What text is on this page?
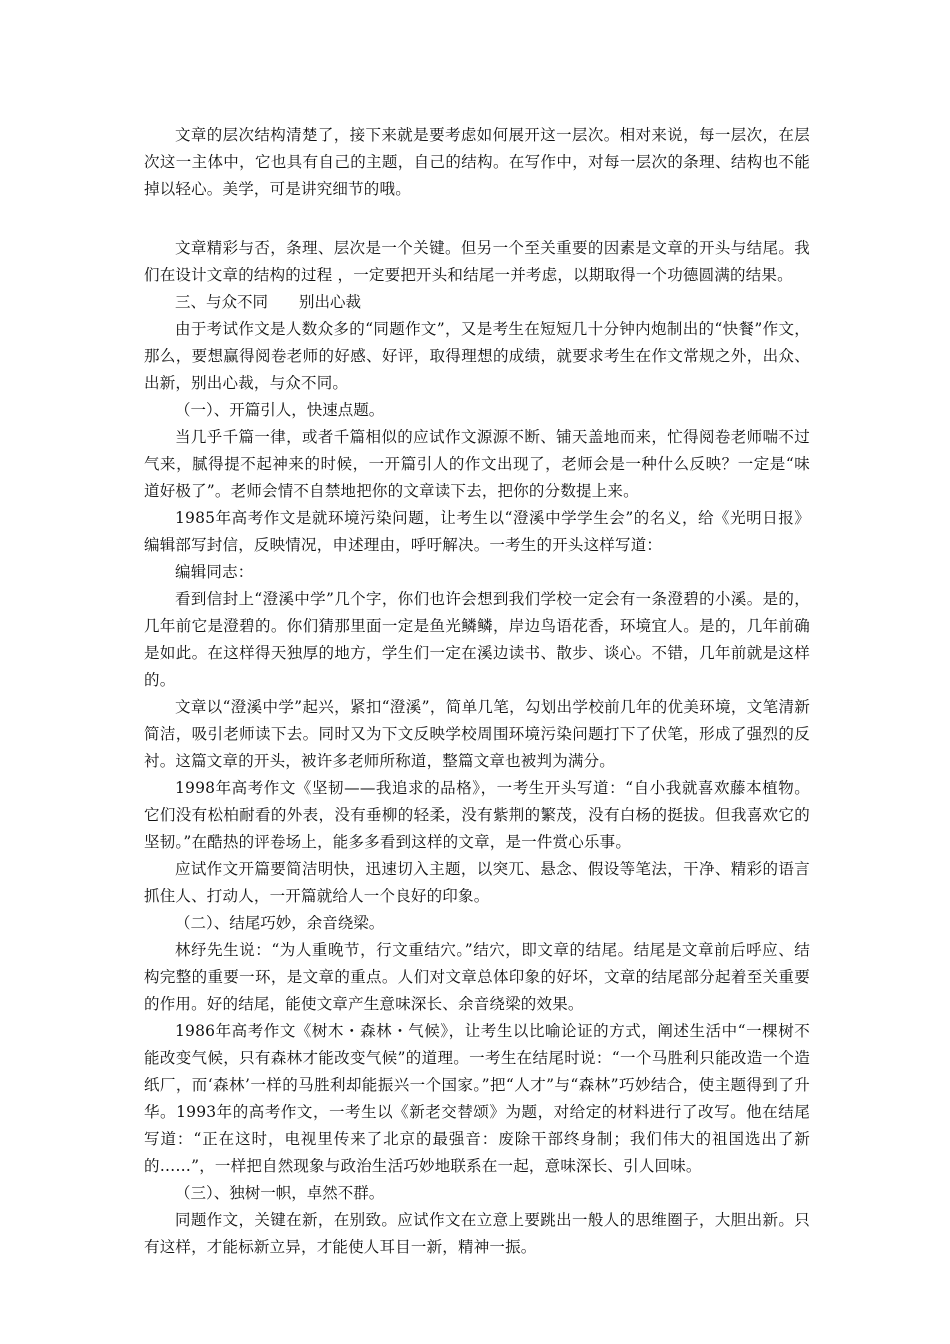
文章的层次结构清楚了，接下来就是要考虑如何展开这一层次。相对来说，每一层次，在层次这一主体中，它也具有自己的主题，自己的结构。在写作中，对每一层次的条理、结构也不能掉以轻心。美学，可是讲究细节的哦。

文章精彩与否，条理、层次是一个关键。但另一个至关重要的因素是文章的开头与结尾。我们在设计文章的结构的过程 ，一定要把开头和结尾一并考虑，以期取得一个功德圆满的结果。

三、与众不同　　别出心裁

由于考试作文是人数众多的“同题作文”，又是考生在短短几十分钟内炮制出的“快餐”作文，那么，要想赢得阅卷老师的好感、好评，取得理想的成绩，就要求考生在作文常规之外，出众、出新，别出心裁，与众不同。

（一）、开篇引人，快速点题。

当几乎千篇一律，或者千篇相似的应试作文源源不断、铺天盖地而来，忙得阅卷老师喘不过气来，腻得提不起神来的时候，一开篇引人的作文出现了，老师会是一种什么反映？一定是“味道好极了”。老师会情不自禁地把你的文章读下去，把你的分数提上来。

1985年高考作文是就环境污染问题，让考生以“澄溪中学学生会”的名义，给《光明日报》编辑部写封信，反映情况，申述理由，呼吁解决。一考生的开头这样写道：

编辑同志：

看到信封上“澄溪中学”几个字，你们也许会想到我们学校一定会有一条澄碧的小溪。是的，几年前它是澄碧的。你们猜那里面一定是鱼光鳞鳞，岸边鸟语花香，环境宜人。是的，几年前确是如此。在这样得天独厚的地方，学生们一定在溪边读书、散步、谈心。不错，几年前就是这样的。

文章以“澄溪中学”起兴，紧扣“澄溪”，简单几笔，勾划出学校前几年的优美环境，文笔清新简洁，吸引老师读下去。同时又为下文反映学校周围环境污染问题打下了伏笔，形成了强烈的反衬。这篇文章的开头，被许多老师所称道，整篇文章也被判为满分。

1998年高考作文《坚韧——我追求的品格》，一考生开头写道：“自小我就喜欢藤本植物。它们没有松柏耐看的外表，没有垂柳的轻柔，没有紫荆的繁茂，没有白杨的挺拔。但我喜欢它的坚韧。”在酷热的评卷场上，能多多看到这样的文章，是一件赏心乐事。

应试作文开篇要简洁明快，迅速切入主题，以突兀、悬念、假设等笔法，干净、精彩的语言抓住人、打动人，一开篇就给人一个良好的印象。

（二）、结尾巧妙，余音绕梁。

林纾先生说：“为人重晚节，行文重结穴。”结穴，即文章的结尾。结尾是文章前后呼应、结构完整的重要一环，是文章的重点。人们对文章总体印象的好坏，文章的结尾部分起着至关重要的作用。好的结尾，能使文章产生意味深长、余音绕梁的效果。

1986年高考作文《树木・森林・气候》，让考生以比喻论证的方式，阐述生活中“一棵树不能改变气候，只有森林才能改变气候”的道理。一考生在结尾时说：“一个马胜利只能改造一个造纸厂，而‘森林’一样的马胜利却能振兴一个国家。”把“人才”与“森林”巧妙结合，使主题得到了升华。1993年的高考作文，一考生以《新老交替颂》为题，对给定的材料进行了改写。他在结尾写道：“正在这时，电视里传来了北京的最强音：废除干部终身制；我们伟大的祖国选出了新的……”，一样把自然现象与政治生活巧妙地联系在一起，意味深长、引人回味。

（三）、独树一帜，卓然不群。

同题作文，关键在新，在别致。应试作文在立意上要跳出一般人的思维圈子，大胆出新。只有这样，才能标新立异，才能使人耳目一新，精神一振。
